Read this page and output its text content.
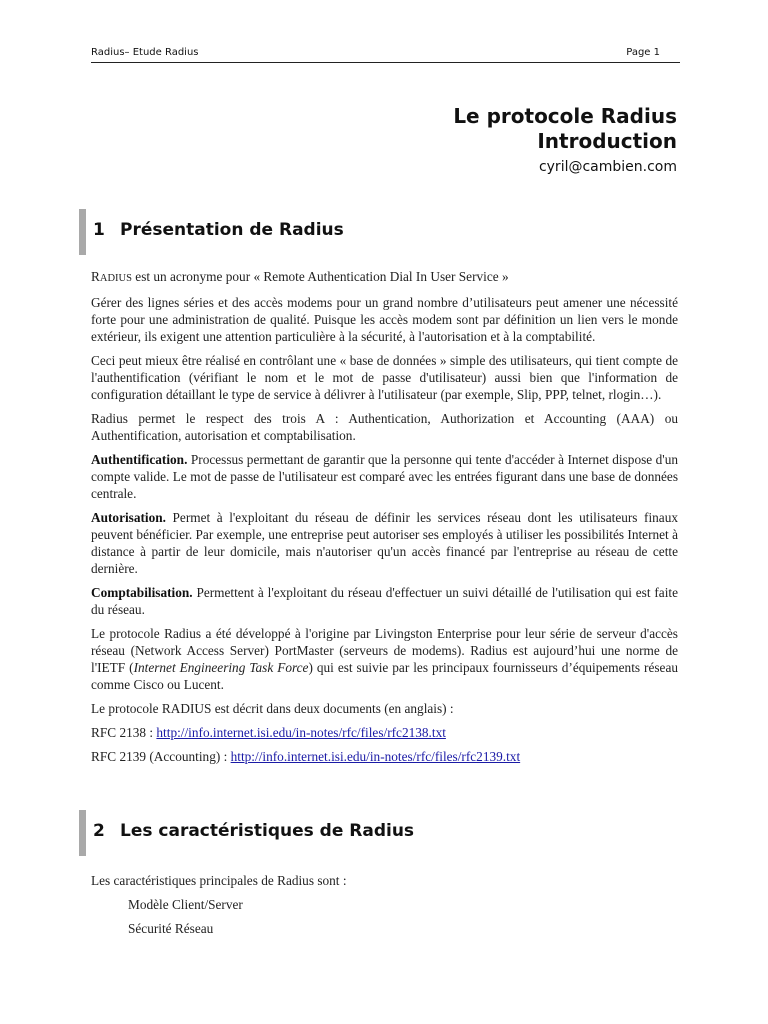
Radius– Etude Radius	Page 1
Le protocole Radius
Introduction
cyril@cambien.com
1 Présentation de Radius

RADIUS est un acronyme pour « Remote Authentication Dial In User Service »

Gérer des lignes séries et des accès modems pour un grand nombre d’utilisateurs peut amener une nécessité forte pour une administration de qualité. Puisque les accès modem sont par définition un lien vers le monde extérieur, ils exigent une attention particulière à la sécurité, à l'autorisation et à la comptabilité.

Ceci peut mieux être réalisé en contrôlant une « base de données » simple des utilisateurs, qui tient compte de l'authentification (vérifiant le nom et le mot de passe d'utilisateur) aussi bien que l'information de configuration détaillant le type de service à délivrer à l'utilisateur (par exemple, Slip, PPP, telnet, rlogin…).

Radius permet le respect des trois A : Authentication, Authorization et Accounting (AAA) ou Authentification, autorisation et comptabilisation.

Authentification. Processus permettant de garantir que la personne qui tente d'accéder à Internet dispose d'un compte valide. Le mot de passe de l'utilisateur est comparé avec les entrées figurant dans une base de données centrale.

Autorisation. Permet à l'exploitant du réseau de définir les services réseau dont les utilisateurs finaux peuvent bénéficier. Par exemple, une entreprise peut autoriser ses employés à utiliser les possibilités Internet à distance à partir de leur domicile, mais n'autoriser qu'un accès financé par l'entreprise au réseau de cette dernière.

Comptabilisation. Permettent à l'exploitant du réseau d'effectuer un suivi détaillé de l'utilisation qui est faite du réseau.

Le protocole Radius a été développé à l'origine par Livingston Enterprise pour leur série de serveur d'accès réseau (Network Access Server) PortMaster (serveurs de modems). Radius est aujourd’hui une norme de l'IETF (Internet Engineering Task Force) qui est suivie par les principaux fournisseurs d’équipements réseau comme Cisco ou Lucent.

Le protocole RADIUS est décrit dans deux documents (en anglais) :

RFC 2138 : http://info.internet.isi.edu/in-notes/rfc/files/rfc2138.txt

RFC 2139 (Accounting) : http://info.internet.isi.edu/in-notes/rfc/files/rfc2139.txt

2 Les caractéristiques de Radius

Les caractéristiques principales de Radius sont :

Modèle Client/Server
Sécurité Réseau
